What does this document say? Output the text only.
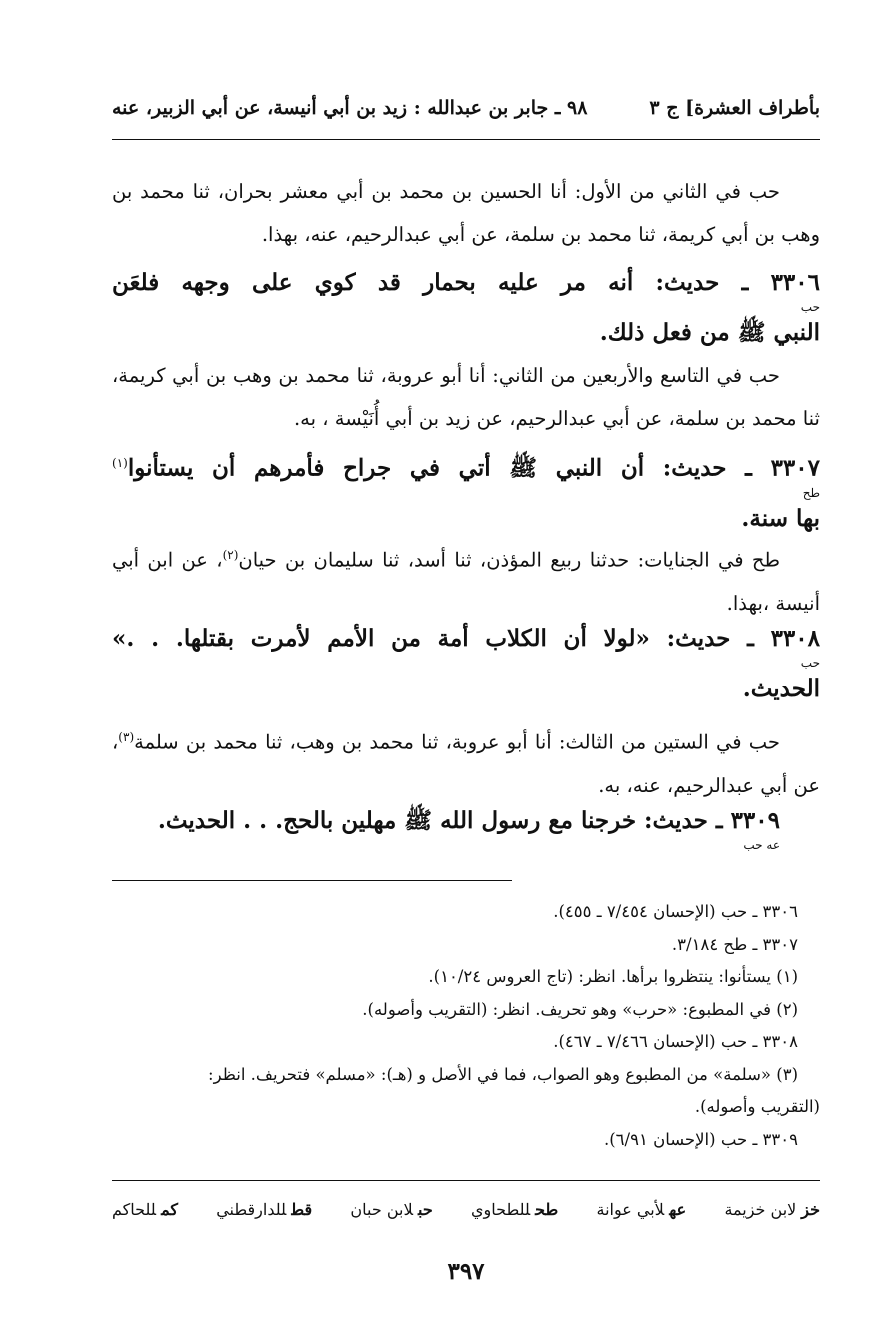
بأطراف العشرة] ج ٣
٩٨ ـ جابر بن عبدالله : زيد بن أبي أنيسة، عن أبي الزبير، عنه

حب في الثاني من الأول: أنا الحسين بن محمد بن أبي معشر بحران، ثنا محمد بن وهب بن أبي كريمة، ثنا محمد بن سلمة، عن أبي عبدالرحيم، عنه، بهذا.

٣٣٠٦ ـ حديث: أنه مر عليه بحمار قد كوي على وجهه فلعَن

حب

النبي ﷺ من فعل ذلك.

حب في التاسع والأربعين من الثاني: أنا أبو عروبة، ثنا محمد بن وهب بن أبي كريمة، ثنا محمد بن سلمة، عن أبي عبدالرحيم، عن زيد بن أبي أُنَيْسة ، به.

٣٣٠٧ ـ حديث: أن النبي ﷺ أتي في جراح فأمرهم أن يستأنوا$^{(١)}$

طح

بها سنة.

طح في الجنايات: حدثنا ربيع المؤذن، ثنا أسد، ثنا سليمان بن حيان$^{(٢)}$، عن ابن أبي أنيسة ،بهذا.

٣٣٠٨ ـ حديث: «لولا أن الكلاب أمة من الأمم لأمرت بقتلها. . .»

حب

الحديث.

حب في الستين من الثالث: أنا أبو عروبة، ثنا محمد بن وهب، ثنا محمد بن سلمة$^{(٣)}$، عن أبي عبدالرحيم، عنه، به.

٣٣٠٩ ـ حديث: خرجنا مع رسول الله ﷺ مهلين بالحج. . . الحديث.

عه حب

٣٣٠٦ ـ حب (الإحسان ٧/٤٥٤ ـ ٤٥٥).

٣٣٠٧ ـ طح ٣/١٨٤.

(١) يستأنوا: ينتظروا برأها. انظر: (تاج العروس ١٠/٢٤).

(٢) في المطبوع: «حرب» وهو تحريف. انظر: (التقريب وأصوله).

٣٣٠٨ ـ حب (الإحسان ٧/٤٦٦ ـ ٤٦٧).

(٣) «سلمة» من المطبوع وهو الصواب، فما في الأصل و (هـ): «مسلم» فتحريف. انظر:

(التقريب وأصوله).

٣٣٠٩ ـ حب (الإحسان ٦/٩١).

خزلابن خزيمة
عهلأبي عوانة
طحللطحاوي
حبلابن حبان
قطللدارقطني
كمللحاكم
٣٩٧
